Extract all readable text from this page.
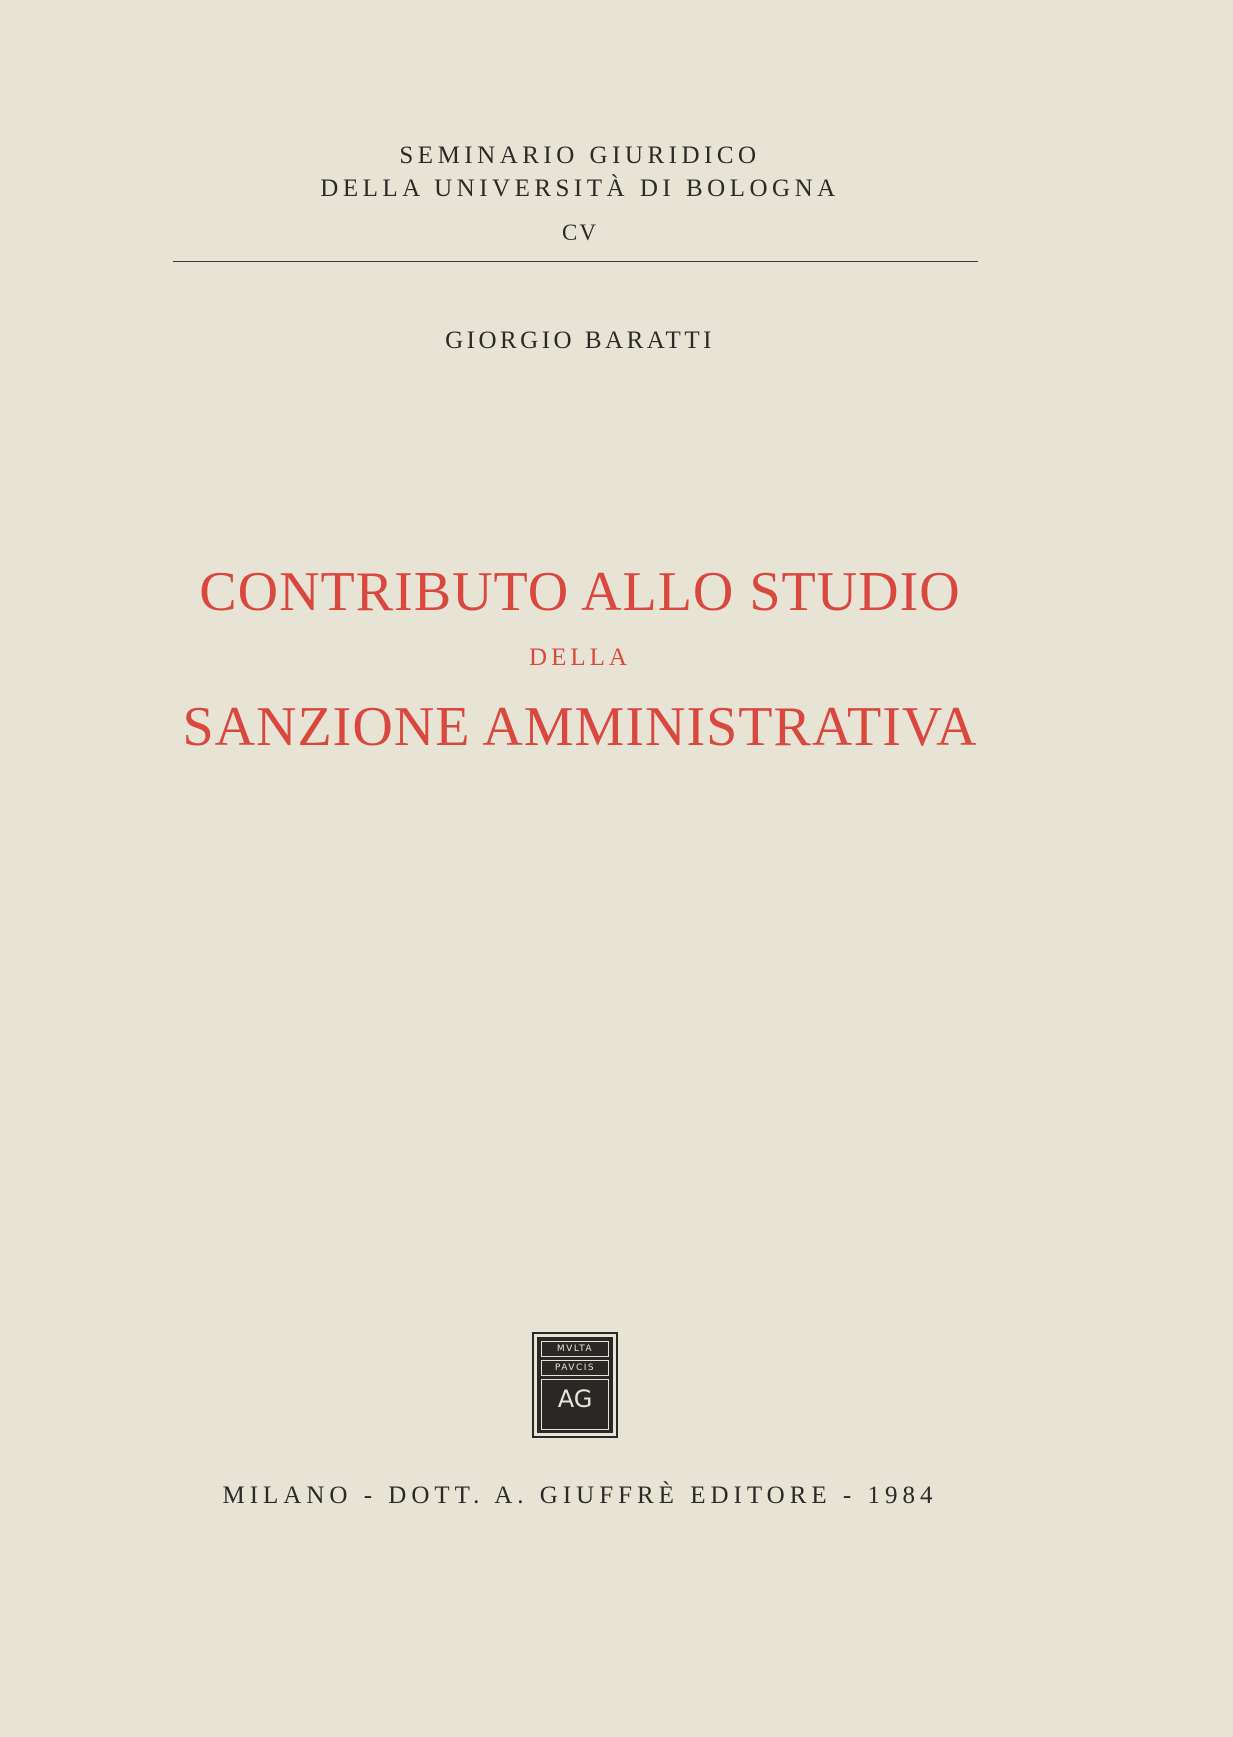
SEMINARIO GIURIDICO
DELLA UNIVERSITÀ DI BOLOGNA
CV
GIORGIO BARATTI
CONTRIBUTO ALLO STUDIO
DELLA
SANZIONE AMMINISTRATIVA
MVLTA
PAVCIS
AG
MILANO - DOTT. A. GIUFFRÈ EDITORE - 1984
